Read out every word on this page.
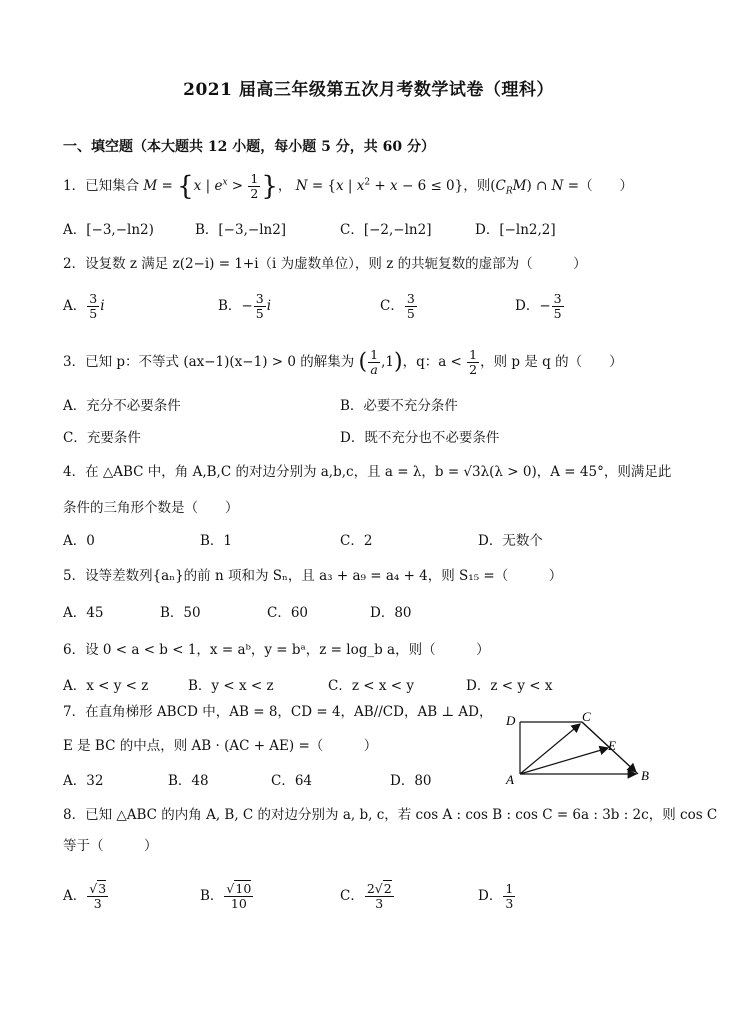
2021 届高三年级第五次月考数学试卷（理科）
一、填空题（本大题共 12 小题，每小题 5 分，共 60 分）
1．已知集合 M = {x | $e^x > \frac{1}{2}$ }， N = {x | $x^2 + x - 6 \le 0$}，则$(C_RM)$ ∩ N =（　　）
A．[−3,−ln2)	B．[−3,−ln2]	C．[−2,−ln2]	D．[−ln2,2]
2．设复数 z 满足 z(2−i) = 1+i（i 为虚数单位），则 z 的共轭复数的虚部为（　　　）
A． $\frac{3}{5}$ i	B．− $\frac{3}{5}$ i	C． $\frac{3}{5}$	D．− $\frac{3}{5}$
3．已知 p：不等式 (ax−1)(x−1) > 0 的解集为 ( $\frac{1}{a} ,1$)，q：$a < \frac{1}{2}$ ，则 p 是 q 的（　　）
A．充分不必要条件	B．必要不充分条件
C．充要条件	D．既不充分也不必要条件
4．在 △ABC 中，角 A,B,C 的对边分别为 a,b,c，且 a = λ，b = √3λ(λ > 0)，A = 45°，则满足此
条件的三角形个数是（　　）
A．0	B．1	C．2	D．无数个
5．设等差数列{aₙ}的前 n 项和为 Sₙ，且 a₃ + a₉ = a₄ + 4，则 S₁₅ =（　　　）
A．45	B．50	C．60	D．80
6．设 0 < a < b < 1，x = aᵇ，y = bᵃ，z = log_b a，则（　　　）
A．x < y < z	B．y < x < z	C．z < x < y	D．z < y < x
7．在直角梯形 ABCD 中，AB = 8，CD = 4，AB//CD，AB ⊥ AD，
E 是 BC 的中点，则 AB · (AC + AE) =（　　　）
A．32	B．48	C．64	D．80
D	C
E
A	B
8．已知 △ABC 的内角 A, B, C 的对边分别为 a, b, c，若 cos A : cos B : cos C = 6a : 3b : 2c，则 cos C
等于（　　　）
A． $\frac{√3}{3}$	B． $\frac{√10}{10}$	C． $\frac{2√2}{3}$	D． $\frac{1}{3}$
